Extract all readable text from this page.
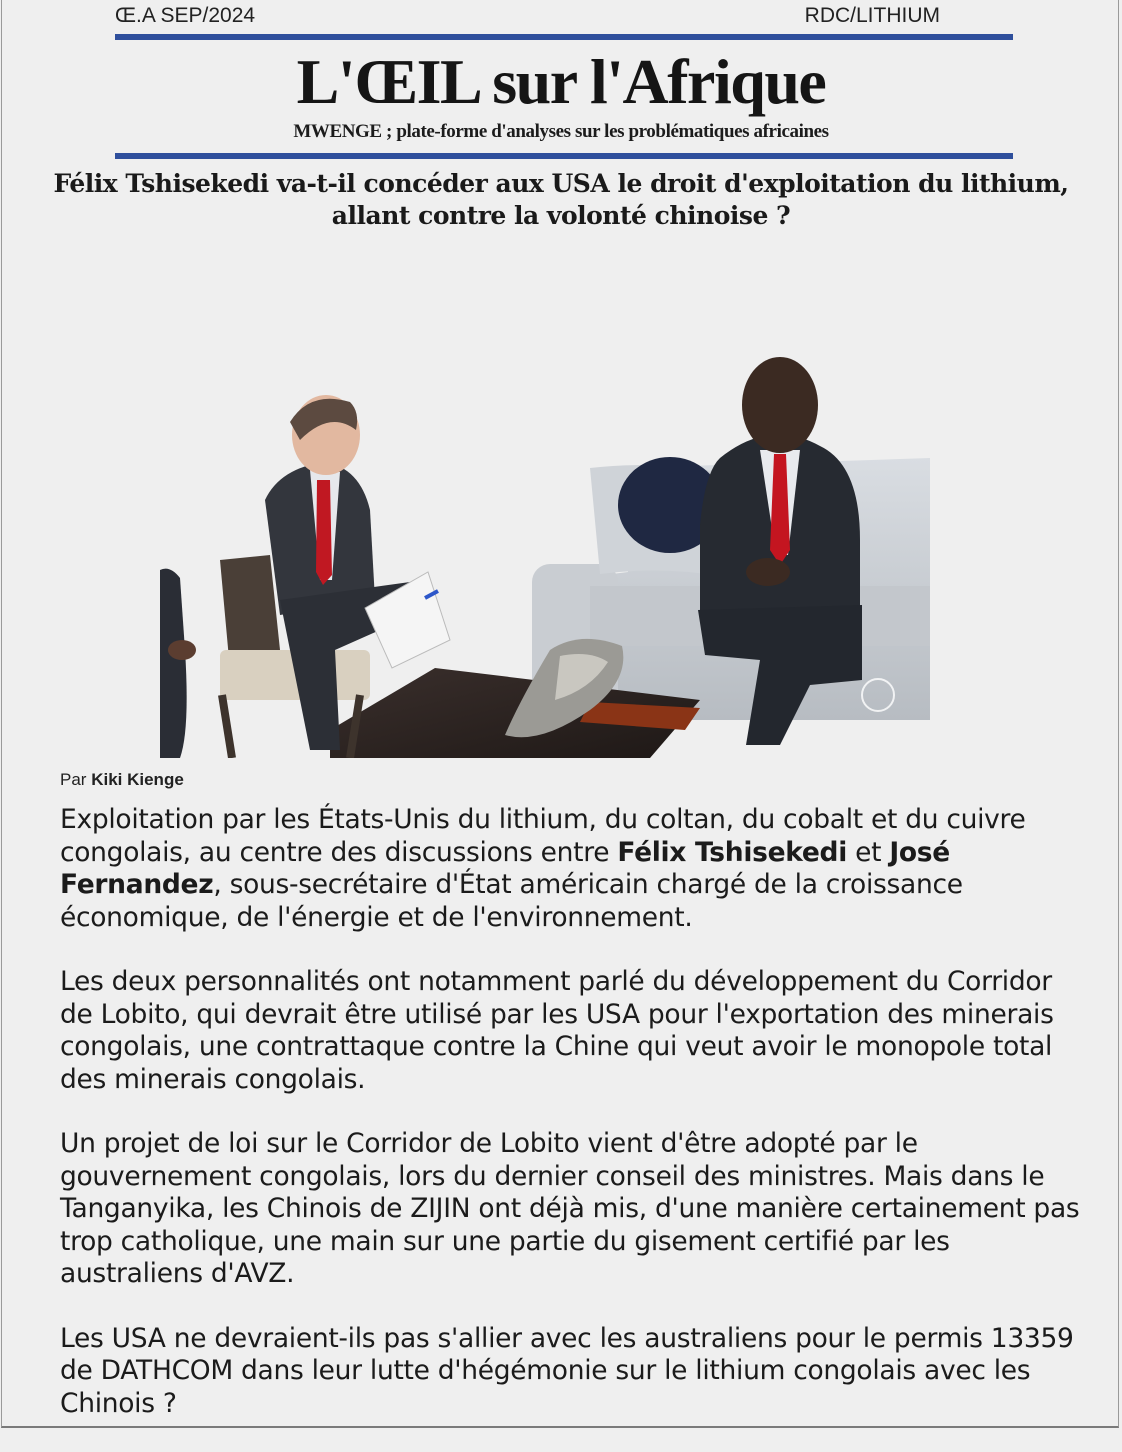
Œ.A SEP/2024	RDC/LITHIUM
L'ŒIL sur l'Afrique
MWENGE ; plate-forme d'analyses sur les problématiques africaines
Félix Tshisekedi va-t-il concéder aux USA le droit d'exploitation du lithium,
allant contre la volonté chinoise ?
Par Kiki Kienge

Exploitation par les États-Unis du lithium, du coltan, du cobalt et du cuivre congolais, au centre des discussions entre Félix Tshisekedi et José Fernandez, sous-secrétaire d'État américain chargé de la croissance économique, de l'énergie et de l'environnement.

Les deux personnalités ont notamment parlé du développement du Corridor de Lobito, qui devrait être utilisé par les USA pour l'exportation des minerais congolais, une contrattaque contre la Chine qui veut avoir le monopole total des minerais congolais.

Un projet de loi sur le Corridor de Lobito vient d'être adopté par le gouvernement congolais, lors du dernier conseil des ministres. Mais dans le Tanganyika, les Chinois de ZIJIN ont déjà mis, d'une manière certainement pas trop catholique, une main sur une partie du gisement certifié par les australiens d'AVZ.

Les USA ne devraient-ils pas s'allier avec les australiens pour le permis 13359 de DATHCOM dans leur lutte d'hégémonie sur le lithium congolais avec les Chinois ?
